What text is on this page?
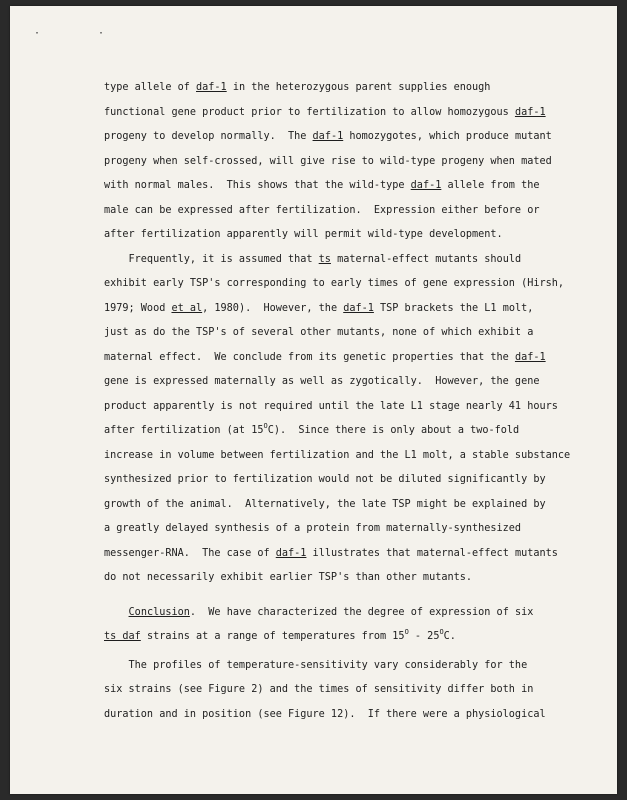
· ·
type allele of daf-1 in the heterozygous parent supplies enough
functional gene product prior to fertilization to allow homozygous daf-1
progeny to develop normally.  The daf-1 homozygotes, which produce mutant
progeny when self-crossed, will give rise to wild-type progeny when mated
with normal males.  This shows that the wild-type daf-1 allele from the
male can be expressed after fertilization.  Expression either before or
after fertilization apparently will permit wild-type development.
Frequently, it is assumed that ts maternal-effect mutants should
exhibit early TSP's corresponding to early times of gene expression (Hirsh,
1979; Wood et al, 1980).  However, the daf-1 TSP brackets the L1 molt,
just as do the TSP's of several other mutants, none of which exhibit a
maternal effect.  We conclude from its genetic properties that the daf-1
gene is expressed maternally as well as zygotically.  However, the gene
product apparently is not required until the late L1 stage nearly 41 hours
after fertilization (at $15^OC$).  Since there is only about a two-fold
increase in volume between fertilization and the L1 molt, a stable substance
synthesized prior to fertilization would not be diluted significantly by
growth of the animal.  Alternatively, the late TSP might be explained by
a greatly delayed synthesis of a protein from maternally-synthesized
messenger-RNA.  The case of daf-1 illustrates that maternal-effect mutants
do not necessarily exhibit earlier TSP's than other mutants.
Conclusion.  We have characterized the degree of expression of six
ts daf strains at a range of temperatures from $15^O - 25^OC$.
The profiles of temperature-sensitivity vary considerably for the
six strains (see Figure 2) and the times of sensitivity differ both in
duration and in position (see Figure 12).  If there were a physiological
